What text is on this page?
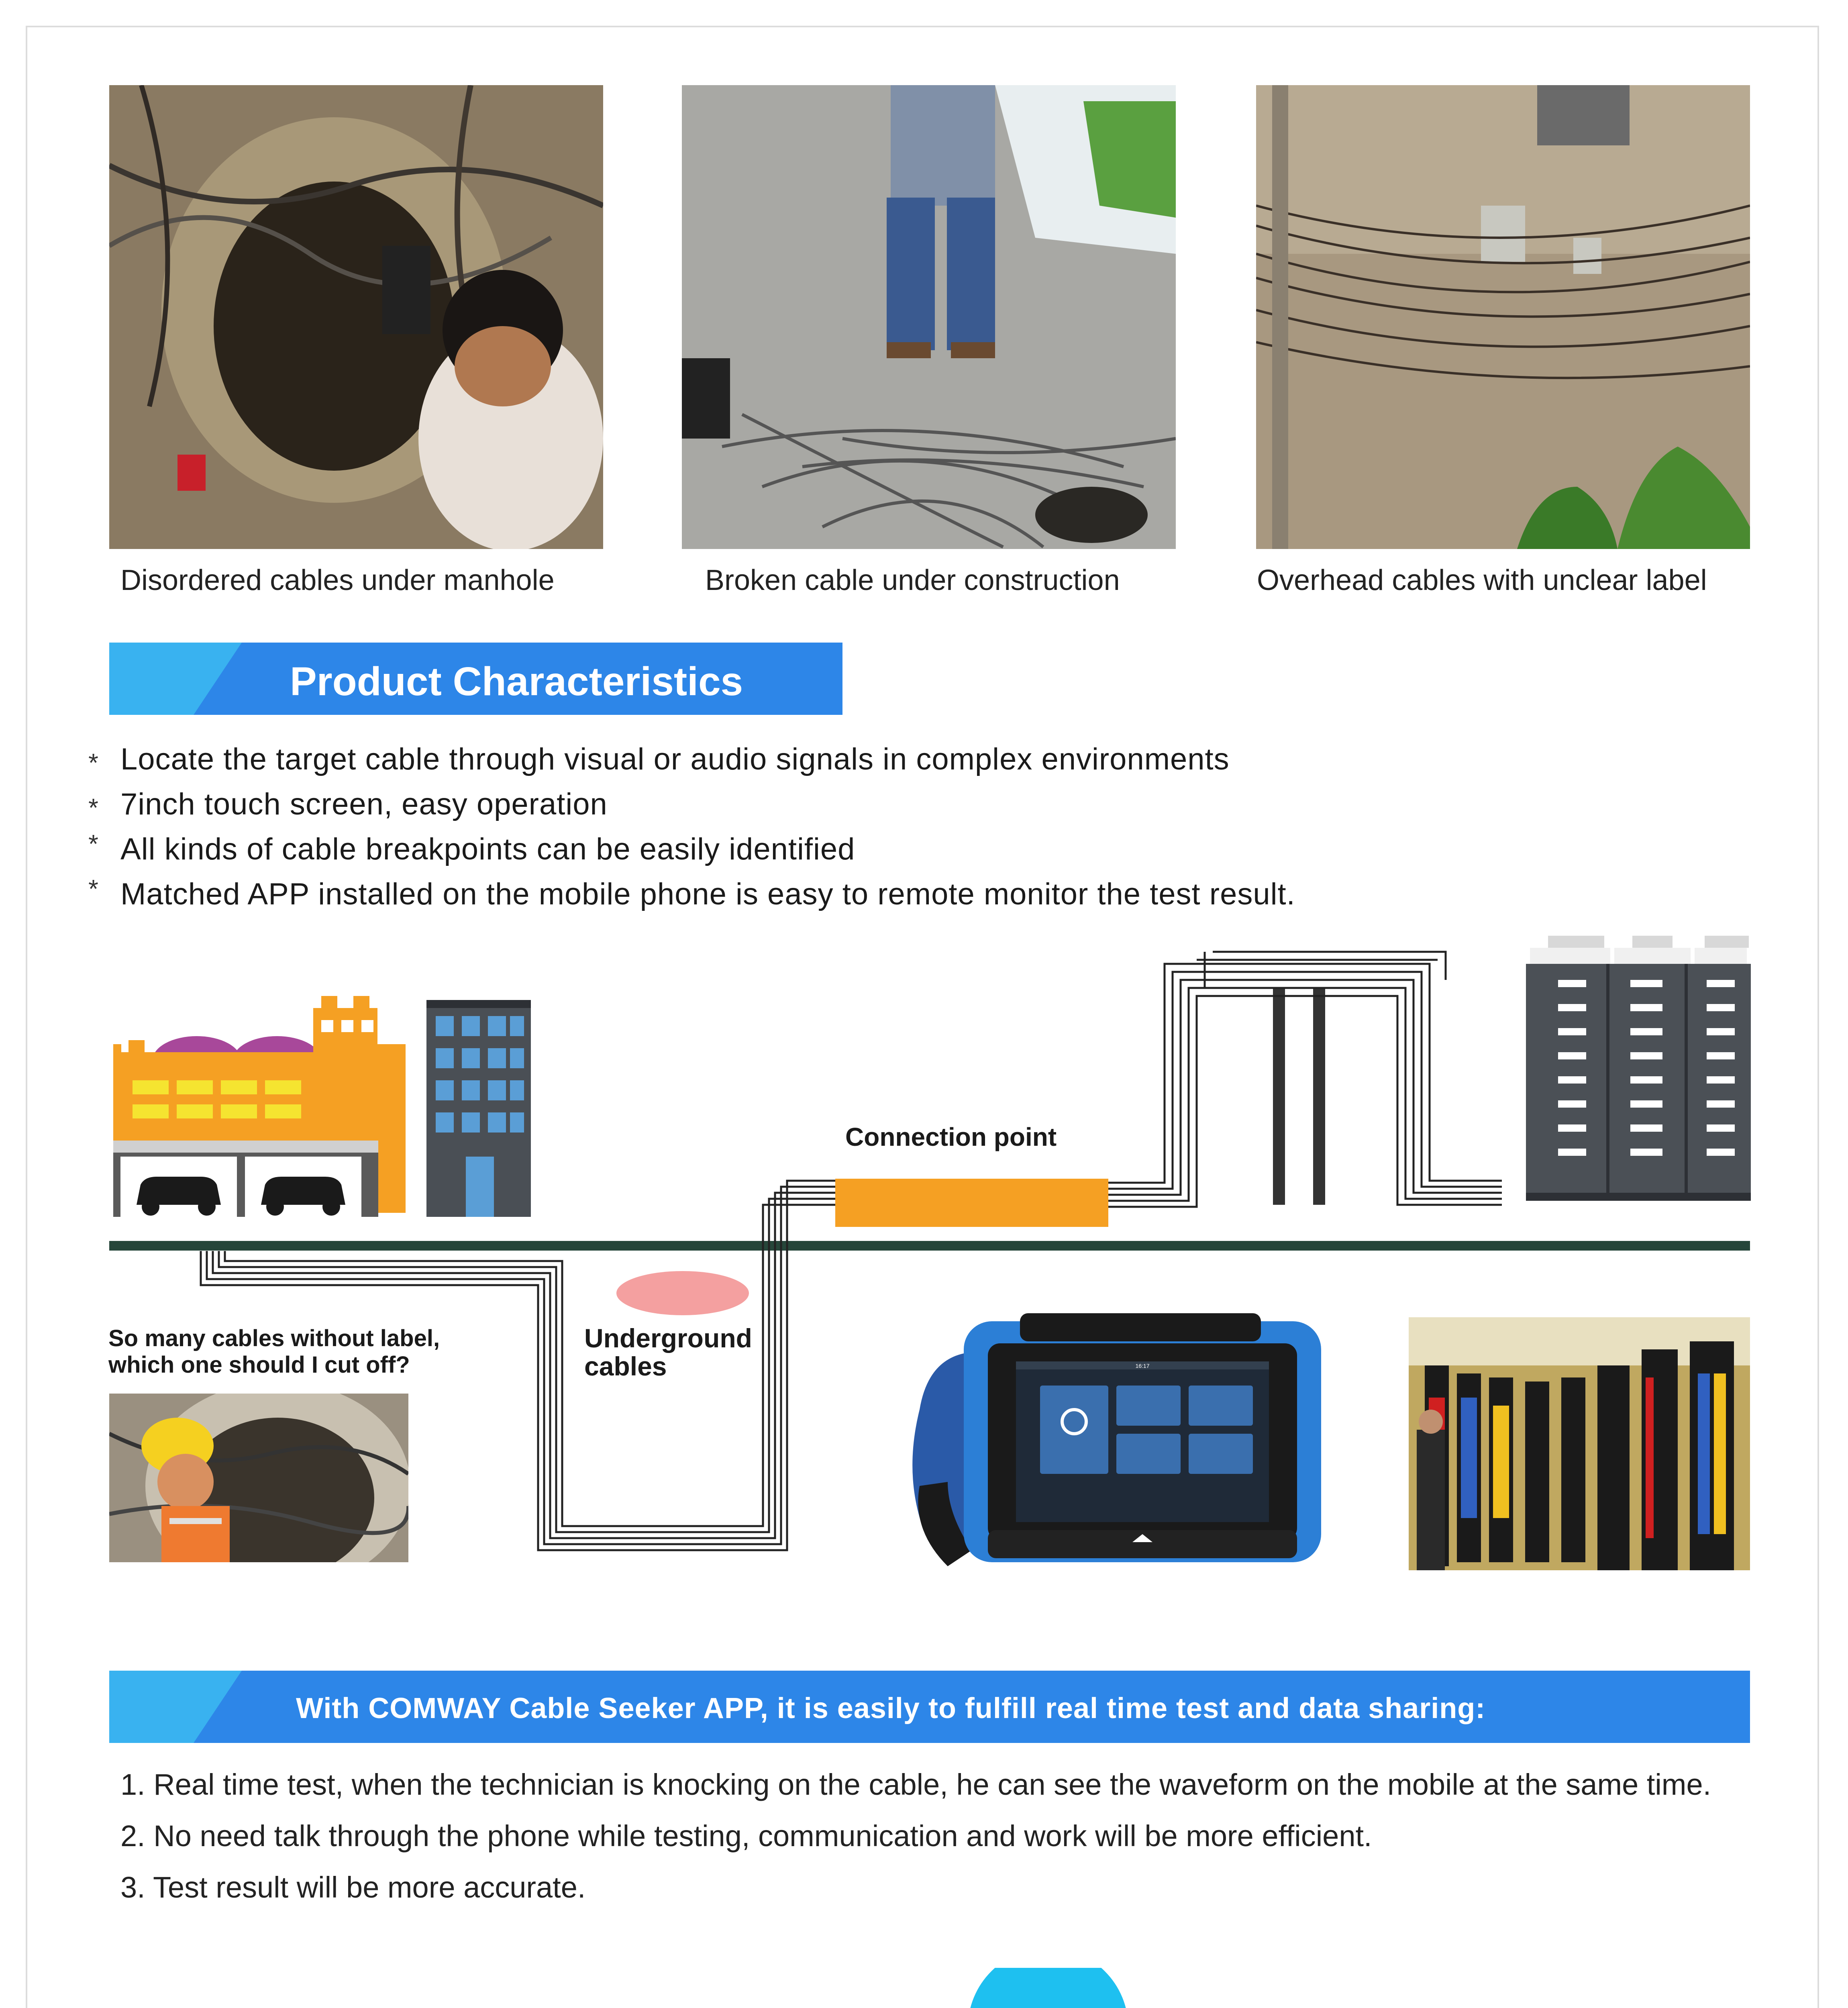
Disordered cables under manhole	Broken cable under construction	Overhead cables with unclear label
Product Characteristics
* Locate the target cable through visual or audio signals in complex environments
* 7inch touch screen, easy operation
* All kinds of cable breakpoints can be easily identified
* Matched APP installed on the mobile phone is easy to remote monitor the test result.
Connection point
So many cables without label,
which one should I cut off?
Underground
cables	16:17
With COMWAY Cable Seeker APP, it is easily to fulfill real time test and data sharing:
1. Real time test, when the technician is knocking on the cable, he can see the waveform on the mobile at the same time.
2. No need talk through the phone while testing, communication and work will be more efficient.
3. Test result will be more accurate.
